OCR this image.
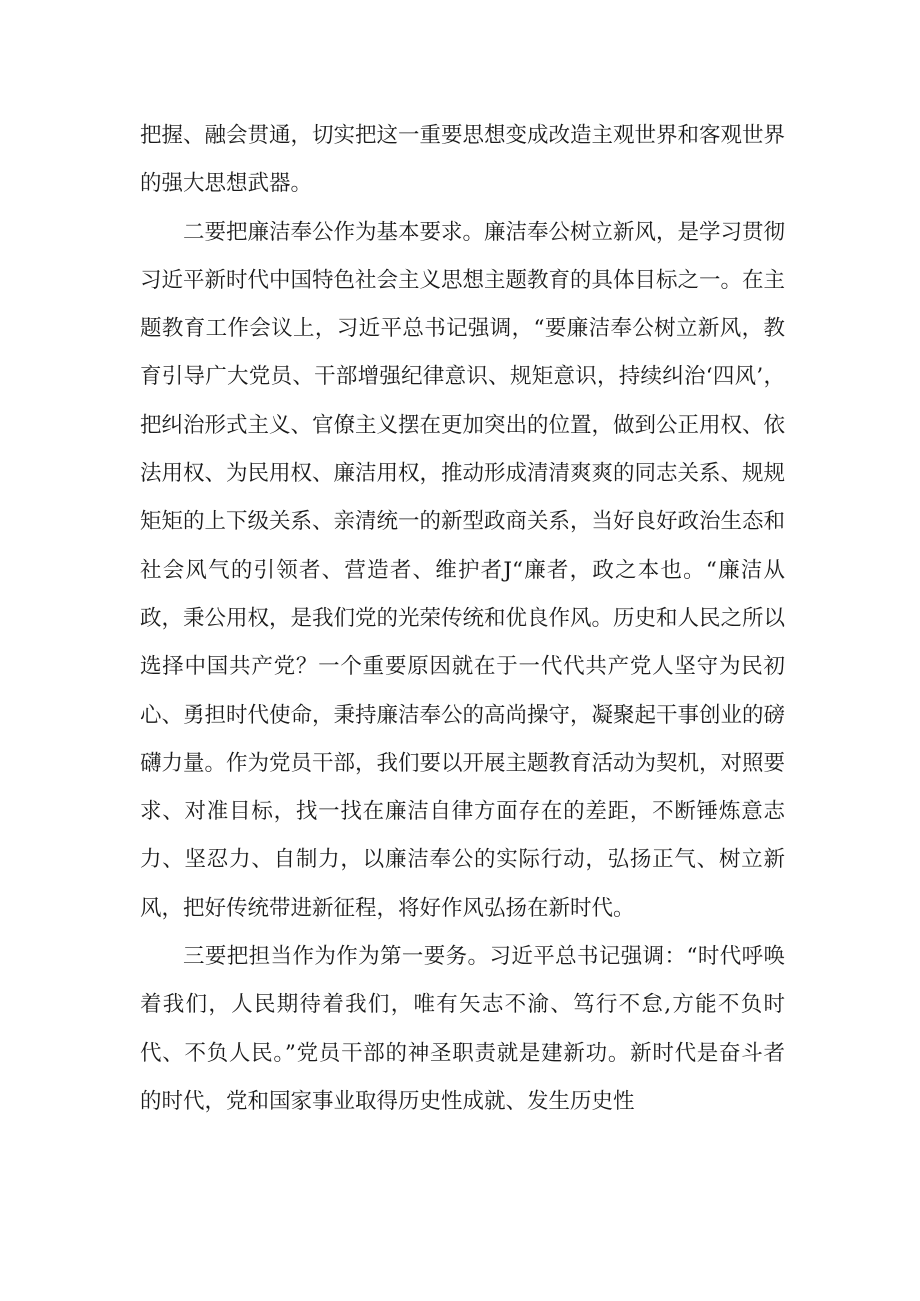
把握、融会贯通，切实把这一重要思想变成改造主观世界和客观世界的强大思想武器。

二要把廉洁奉公作为基本要求。廉洁奉公树立新风，是学习贯彻习近平新时代中国特色社会主义思想主题教育的具体目标之一。在主题教育工作会议上，习近平总书记强调，“要廉洁奉公树立新风，教育引导广大党员、干部增强纪律意识、规矩意识，持续纠治‘四风’，把纠治形式主义、官僚主义摆在更加突出的位置，做到公正用权、依法用权、为民用权、廉洁用权，推动形成清清爽爽的同志关系、规规矩矩的上下级关系、亲清统一的新型政商关系，当好良好政治生态和社会风气的引领者、营造者、维护者J“廉者，政之本也。“廉洁从政，秉公用权，是我们党的光荣传统和优良作风。历史和人民之所以选择中国共产党？一个重要原因就在于一代代共产党人坚守为民初心、勇担时代使命，秉持廉洁奉公的高尚操守，凝聚起干事创业的磅礴力量。作为党员干部，我们要以开展主题教育活动为契机，对照要求、对准目标，找一找在廉洁自律方面存在的差距，不断锤炼意志力、坚忍力、自制力，以廉洁奉公的实际行动，弘扬正气、树立新风，把好传统带进新征程，将好作风弘扬在新时代。

三要把担当作为作为第一要务。习近平总书记强调：“时代呼唤着我们，人民期待着我们，唯有矢志不渝、笃行不怠,方能不负时代、不负人民。”党员干部的神圣职责就是建新功。新时代是奋斗者的时代，党和国家事业取得历史性成就、发生历史性
